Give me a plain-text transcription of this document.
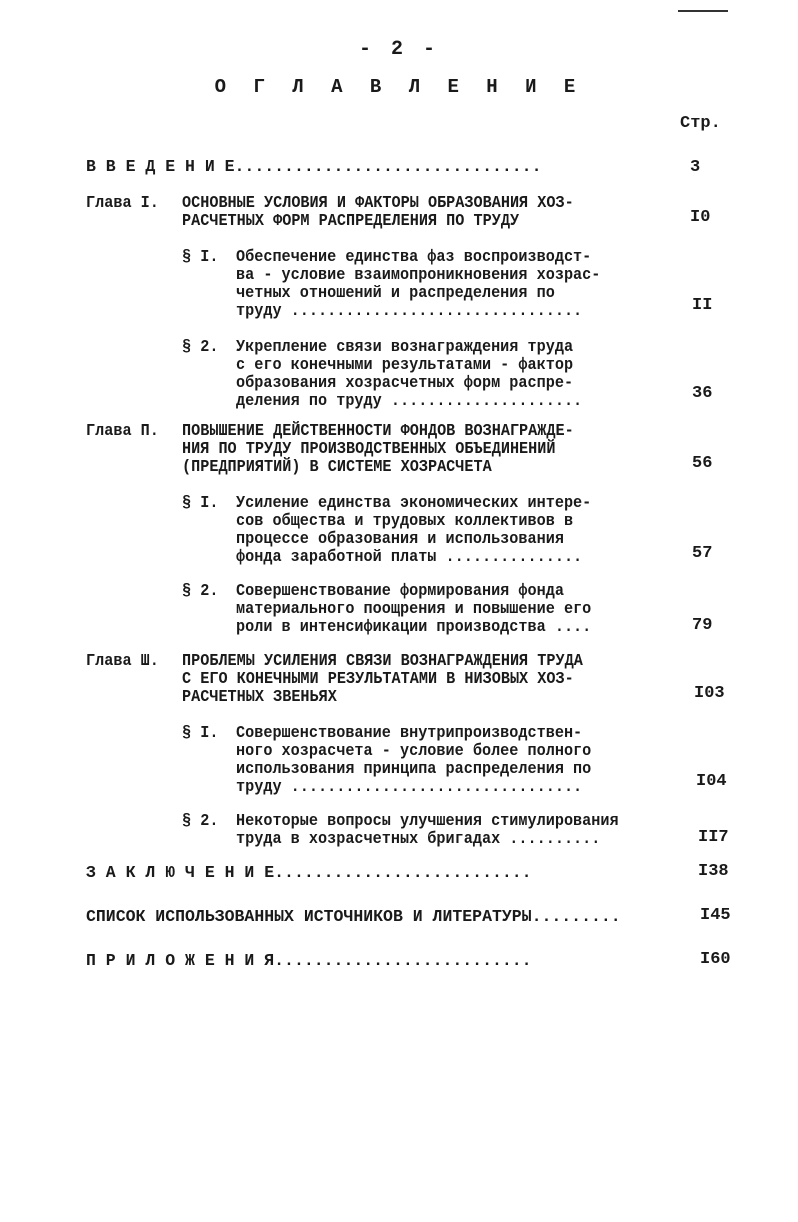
- 2 -
О Г Л А В Л Е Н И Е
Стр.
В В Е Д Е Н И Е...............................	3
Глава I. ОСНОВНЫЕ УСЛОВИЯ И ФАКТОРЫ ОБРАЗОВАНИЯ ХОЗ-
РАСЧЕТНЫХ ФОРМ РАСПРЕДЕЛЕНИЯ ПО ТРУДУ	I0
§ I. Обеспечение единства фаз воспроизводст-
ва - условие взаимопроникновения хозрас-
четных отношений и распределения по
труду ................................	II
§ 2. Укрепление связи вознаграждения труда
с его конечными результатами - фактор
образования хозрасчетных форм распре-
деления по труду .....................	36
Глава П. ПОВЫШЕНИЕ ДЕЙСТВЕННОСТИ ФОНДОВ ВОЗНАГРАЖДЕ-
НИЯ ПО ТРУДУ ПРОИЗВОДСТВЕННЫХ ОБЪЕДИНЕНИЙ
(ПРЕДПРИЯТИЙ) В СИСТЕМЕ ХОЗРАСЧЕТА	56
§ I. Усиление единства экономических интере-
сов общества и трудовых коллективов в
процессе образования и использования
фонда заработной платы ...............	57
§ 2. Совершенствование формирования фонда
материального поощрения и повышение его
роли в интенсификации производства ....	79
Глава Ш. ПРОБЛЕМЫ УСИЛЕНИЯ СВЯЗИ ВОЗНАГРАЖДЕНИЯ ТРУДА
С ЕГО КОНЕЧНЫМИ РЕЗУЛЬТАТАМИ В НИЗОВЫХ ХОЗ-
РАСЧЕТНЫХ ЗВЕНЬЯХ	I03
§ I. Совершенствование внутрипроизводствен-
ного хозрасчета - условие более полного
использования принципа распределения по
труду ................................	I04
§ 2. Некоторые вопросы улучшения стимулирования
труда в хозрасчетных бригадах ..........	II7
З А К Л Ю Ч Е Н И Е..........................	I38
СПИСОК ИСПОЛЬЗОВАННЫХ ИСТОЧНИКОВ И ЛИТЕРАТУРЫ.........	I45
П Р И Л О Ж Е Н И Я..........................	I60
